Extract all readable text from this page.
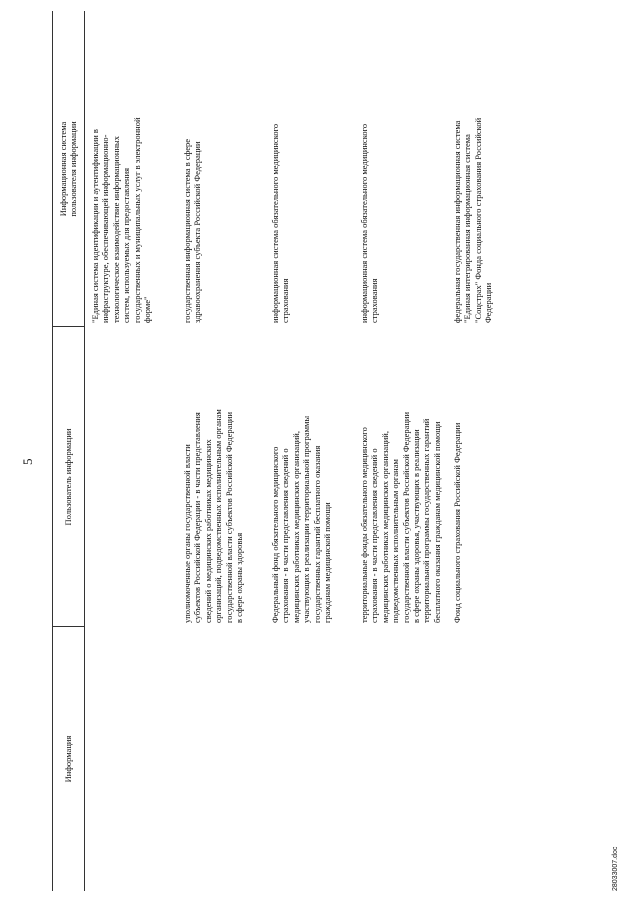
5
Информация
Пользователь информации
Информационная система
пользователя информации
"Единая система идентификации и аутентификации в
инфраструктуре, обеспечивающей информационно-
технологическое взаимодействие информационных
систем, используемых для предоставления
государственных и муниципальных услуг в электронной
форме"
уполномоченные органы государственной власти
субъектов Российской Федерации - в части представления
сведений о медицинских работниках медицинских
организаций, подведомственных исполнительным органам
государственной власти субъектов Российской Федерации
в сфере охраны здоровья
государственная информационная система в сфере
здравоохранения субъекта Российской Федерации
Федеральный фонд обязательного медицинского
страхования - в части представления сведений о
медицинских работниках медицинских организаций,
участвующих в реализации территориальной программы
государственных гарантий бесплатного оказания
гражданам медицинской помощи
информационная система обязательного медицинского
страхования
территориальные фонды обязательного медицинского
страхования - в части представления сведений о
медицинских работниках медицинских организаций,
подведомственных исполнительным органам
государственной власти субъектов Российской Федерации
в сфере охраны здоровья, участвующих в реализации
территориальной программы государственных гарантий
бесплатного оказания гражданам медицинской помощи
информационная система обязательного медицинского
страхования
Фонд социального страхования Российской Федерации
федеральная государственная информационная система
"Единая интегрированная информационная система
"Соцстрах" Фонда социального страхования Российской
Федерации
28033007.doc
